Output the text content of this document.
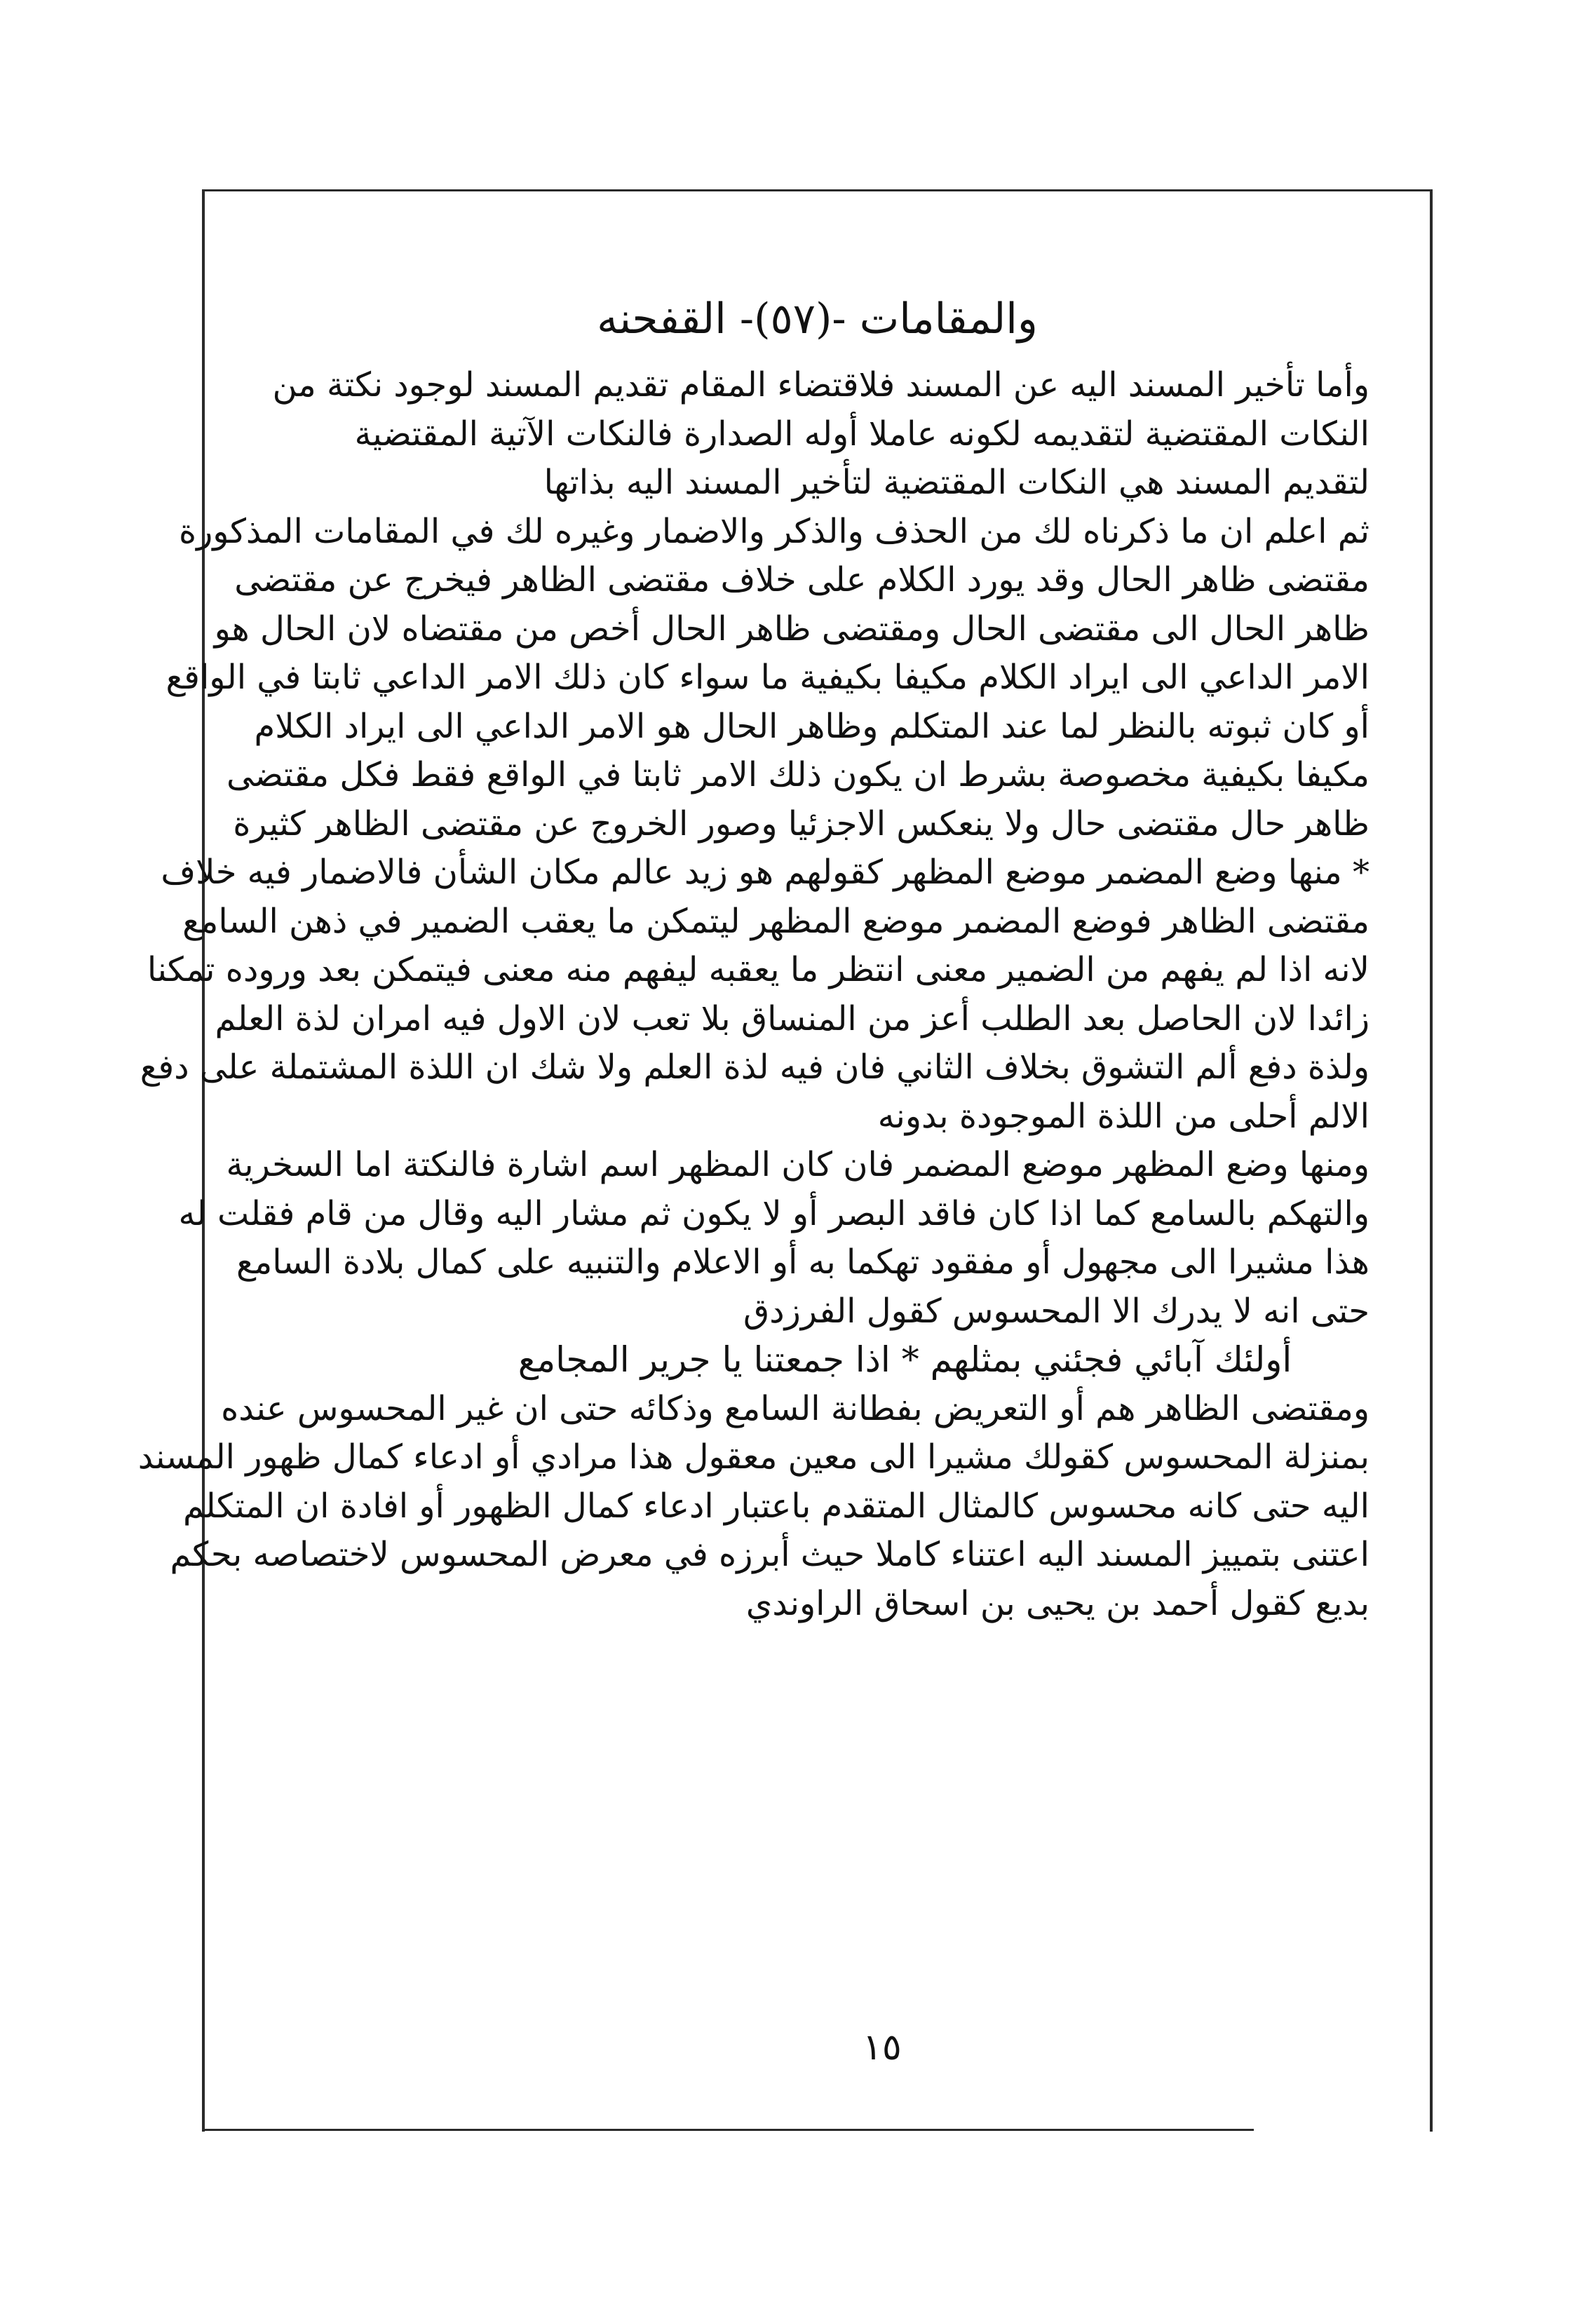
والمقامات -(٥٧)- القفحنه
وأما تأخير المسند اليه عن المسند فلاقتضاء المقام تقديم المسند لوجود نكتة من
النكات المقتضية لتقديمه لكونه عاملا أوله الصدارة فالنكات الآتية المقتضية
لتقديم المسند هي النكات المقتضية لتأخير المسند اليه بذاتها
ثم اعلم ان ما ذكرناه لك من الحذف والذكر والاضمار وغيره لك في المقامات المذكورة
مقتضى ظاهر الحال وقد يورد الكلام على خلاف مقتضى الظاهر فيخرج عن مقتضى
ظاهر الحال الى مقتضى الحال ومقتضى ظاهر الحال أخص من مقتضاه لان الحال هو
الامر الداعي الى ايراد الكلام مكيفا بكيفية ما سواء كان ذلك الامر الداعي ثابتا في الواقع
أو كان ثبوته بالنظر لما عند المتكلم وظاهر الحال هو الامر الداعي الى ايراد الكلام
مكيفا بكيفية مخصوصة بشرط ان يكون ذلك الامر ثابتا في الواقع فقط فكل مقتضى
ظاهر حال مقتضى حال ولا ينعكس الاجزئيا وصور الخروج عن مقتضى الظاهر كثيرة
* منها وضع المضمر موضع المظهر كقولهم هو زيد عالم مكان الشأن فالاضمار فيه خلاف
مقتضى الظاهر فوضع المضمر موضع المظهر ليتمكن ما يعقب الضمير في ذهن السامع
لانه اذا لم يفهم من الضمير معنى انتظر ما يعقبه ليفهم منه معنى فيتمكن بعد وروده تمكنا
زائدا لان الحاصل بعد الطلب أعز من المنساق بلا تعب لان الاول فيه امران لذة العلم
ولذة دفع ألم التشوق بخلاف الثاني فان فيه لذة العلم ولا شك ان اللذة المشتملة على دفع
الالم أحلى من اللذة الموجودة بدونه
ومنها وضع المظهر موضع المضمر فان كان المظهر اسم اشارة فالنكتة اما السخرية
والتهكم بالسامع كما اذا كان فاقد البصر أو لا يكون ثم مشار اليه وقال من قام فقلت له
هذا مشيرا الى مجهول أو مفقود تهكما به أو الاعلام والتنبيه على كمال بلادة السامع
حتى انه لا يدرك الا المحسوس كقول الفرزدق
أولئك آبائي فجئني بمثلهم * اذا جمعتنا يا جرير المجامع
ومقتضى الظاهر هم أو التعريض بفطانة السامع وذكائه حتى ان غير المحسوس عنده
بمنزلة المحسوس كقولك مشيرا الى معين معقول هذا مرادي أو ادعاء كمال ظهور المسند
اليه حتى كانه محسوس كالمثال المتقدم باعتبار ادعاء كمال الظهور أو افادة ان المتكلم
اعتنى بتمييز المسند اليه اعتناء كاملا حيث أبرزه في معرض المحسوس لاختصاصه بحكم
بديع كقول أحمد بن يحيى بن اسحاق الراوندي
١٥
